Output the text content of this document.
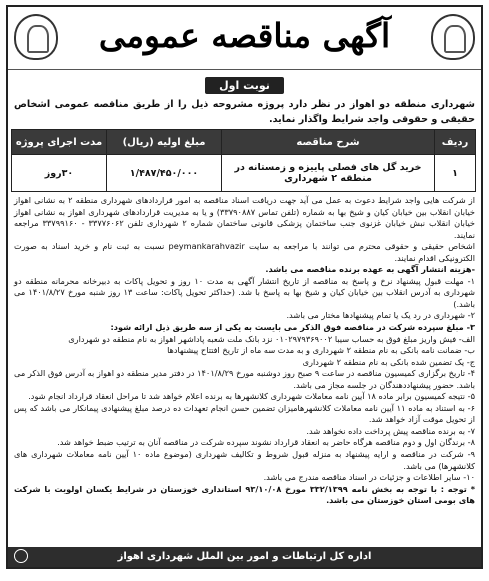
آگهی مناقصه عمومی
نوبت اول
شهرداری منطقه دو اهواز در نظر دارد پروژه مشروحه ذیل را از طریق مناقصه عمومی اشخاص حقیقی و حقوقی واجد شرایط واگذار نماید.
ردیف	شرح مناقصه	مبلغ اولیه (ریال)	مدت اجرای پروژه
۱	خرید گل های فصلی پاییزه و زمستانه در منطقه ۲ شهرداری	۱/۴۸۷/۴۵۰/۰۰۰	۳۰روز

از شرکت هایی واجد شرایط دعوت به عمل می آید جهت دریافت اسناد مناقصه به امور قراردادهای شهرداری منطقه ۲ به نشانی اهواز خیابان انقلاب بین خیابان کیان و شیخ بها به شماره (تلفن تماس ۳۳۷۹۰۸۸۷) و یا به مدیریت قراردادهای شهرداری اهواز به نشانی اهواز خیابان انقلاب نبش خیابان غزنوی جنب ساختمان پزشکی قانونی ساختمان شماره ۲ شهرداری تلفن ۳۳۷۷۶۰۶۲ - ۳۳۷۹۹۱۶۰ مراجعه نمایند.

اشخاص حقیقی و حقوقی محترم می توانند با مراجعه به سایت peymankarahvazir نسبت به ثبت نام و خرید اسناد به صورت الکترونیکی اقدام نمایند.

-هزینه انتشار آگهی به عهده برنده مناقصه می باشد.

۱- مهلت قبول پیشنهاد نرخ و پاسخ به مناقصه از تاریخ انتشار آگهی به مدت ۱۰ روز و تحویل پاکات به دبیرخانه محرمانه منطقه دو شهرداری به آدرس انقلاب بین خیابان کیان و شیخ بها به پاسخ با شد. (حداکثر تحویل پاکات: ساعت ۱۳ روز شنبه مورخ ۱۴۰۱/۸/۲۷ می باشد.)

۲- شهرداری در رد یک یا تمام پیشنهادها مختار می باشد.

۳- مبلغ سپرده شرکت در مناقصه فوق الذکر می بایست به یکی از سه طریق ذیل ارائه شود:

الف- فیش واریز مبلغ فوق به حساب سیبا ۰۱۰۲۹۷۹۳۶۹۰۰۲ نزد بانک ملت شعبه پاداشهر اهواز به نام منطقه دو شهرداری

ب- ضمانت نامه بانکی به نام منطقه ۲ شهرداری و به مدت سه ماه از تاریخ افتتاح پیشنهادها

ج- یک تضمین شده بانکی به نام منطقه ۲ شهرداری

۴- تاریخ برگزاری کمیسیون مناقصه در ساعت ۹ صبح روز دوشنبه مورخ ۱۴۰۱/۸/۲۹ در دفتر مدیر منطقه دو اهواز به آدرس فوق الذکر می باشد. حضور پیشنهاددهندگان در جلسه مجاز می باشد.

۵- نتیجه کمیسیون برابر ماده ۱۸ آیین نامه معاملات شهرداری کلانشهرها به برنده اعلام خواهد شد تا مراحل انعقاد قرارداد انجام شود.

۶- به استناد به ماده ۱۱ آیین نامه معاملات کلانشهرهامیزان تضمین حسن انجام تعهدات ده درصد مبلغ پیشنهادی پیمانکار می باشد که پس از تحویل موقت آزاد خواهد شد.

۷- به برنده مناقصه پیش پرداخت داده نخواهد شد.

۸- برندگان اول و دوم مناقصه هرگاه حاضر به انعقاد قرارداد نشوند سپرده شرکت در مناقصه آنان به ترتیب ضبط خواهد شد.

۹- شرکت در مناقصه و ارایه پیشنهاد به منزله قبول شروط و تکالیف شهرداری (موضوع ماده ۱۰ آیین نامه معاملات شهرداری های کلانشهرها) می باشد.

۱۰- سایر اطلاعات و جزئیات در اسناد مناقصه مندرج می باشد.

* توجه : با توجه به بخش نامه ۳۳۲/۱۳۹۹ مورخ ۹۳/۱۰/۰۸ استانداری خوزستان در شرایط یکسان اولویت با شرکت های بومی استان خوزستان می باشد.

اداره کل ارتباطات و امور بین الملل شهرداری اهواز
